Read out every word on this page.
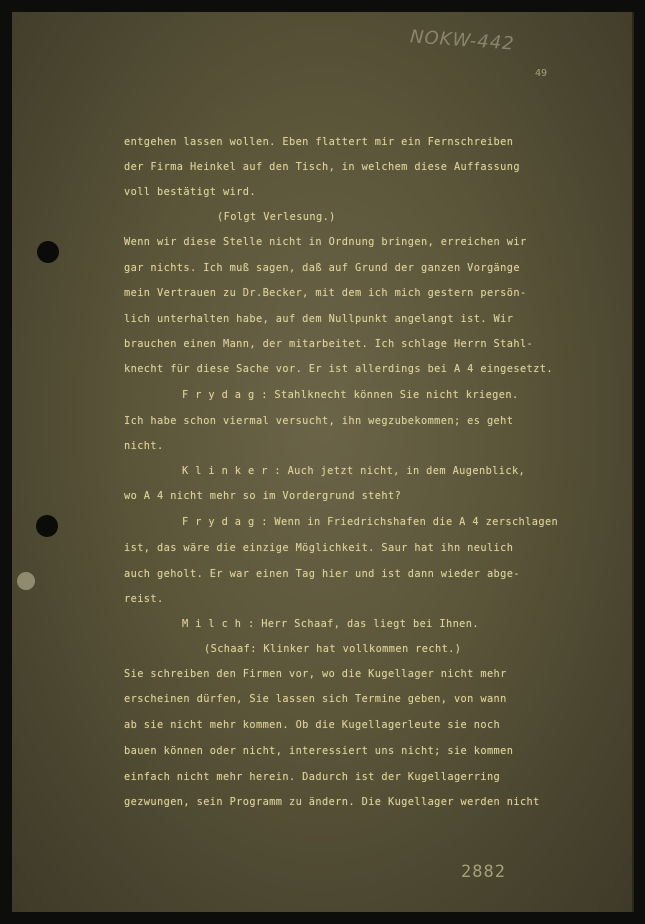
NOKW-442
49
entgehen lassen wollen. Eben flattert mir ein Fernschreiben
der Firma Heinkel auf den Tisch, in welchem diese Auffassung
voll bestätigt wird.
(Folgt Verlesung.)
Wenn wir diese Stelle nicht in Ordnung bringen, erreichen wir
gar nichts. Ich muß sagen, daß auf Grund der ganzen Vorgänge
mein Vertrauen zu Dr.Becker, mit dem ich mich gestern persön-
lich unterhalten habe, auf dem Nullpunkt angelangt ist. Wir
brauchen einen Mann, der mitarbeitet. Ich schlage Herrn Stahl-
knecht für diese Sache vor. Er ist allerdings bei A 4 eingesetzt.
F r y d a g : Stahlknecht können Sie nicht kriegen.
Ich habe schon viermal versucht, ihn wegzubekommen; es geht
nicht.
K l i n k e r : Auch jetzt nicht, in dem Augenblick,
wo A 4 nicht mehr so im Vordergrund steht?
F r y d a g : Wenn in Friedrichshafen die A 4 zerschlagen
ist, das wäre die einzige Möglichkeit. Saur hat ihn neulich
auch geholt. Er war einen Tag hier und ist dann wieder abge-
reist.
M i l c h : Herr Schaaf, das liegt bei Ihnen.
(Schaaf: Klinker hat vollkommen recht.)
Sie schreiben den Firmen vor, wo die Kugellager nicht mehr
erscheinen dürfen, Sie lassen sich Termine geben, von wann
ab sie nicht mehr kommen. Ob die Kugellagerleute sie noch
bauen können oder nicht, interessiert uns nicht; sie kommen
einfach nicht mehr herein. Dadurch ist der Kugellagerring
gezwungen, sein Programm zu ändern. Die Kugellager werden nicht
2882
